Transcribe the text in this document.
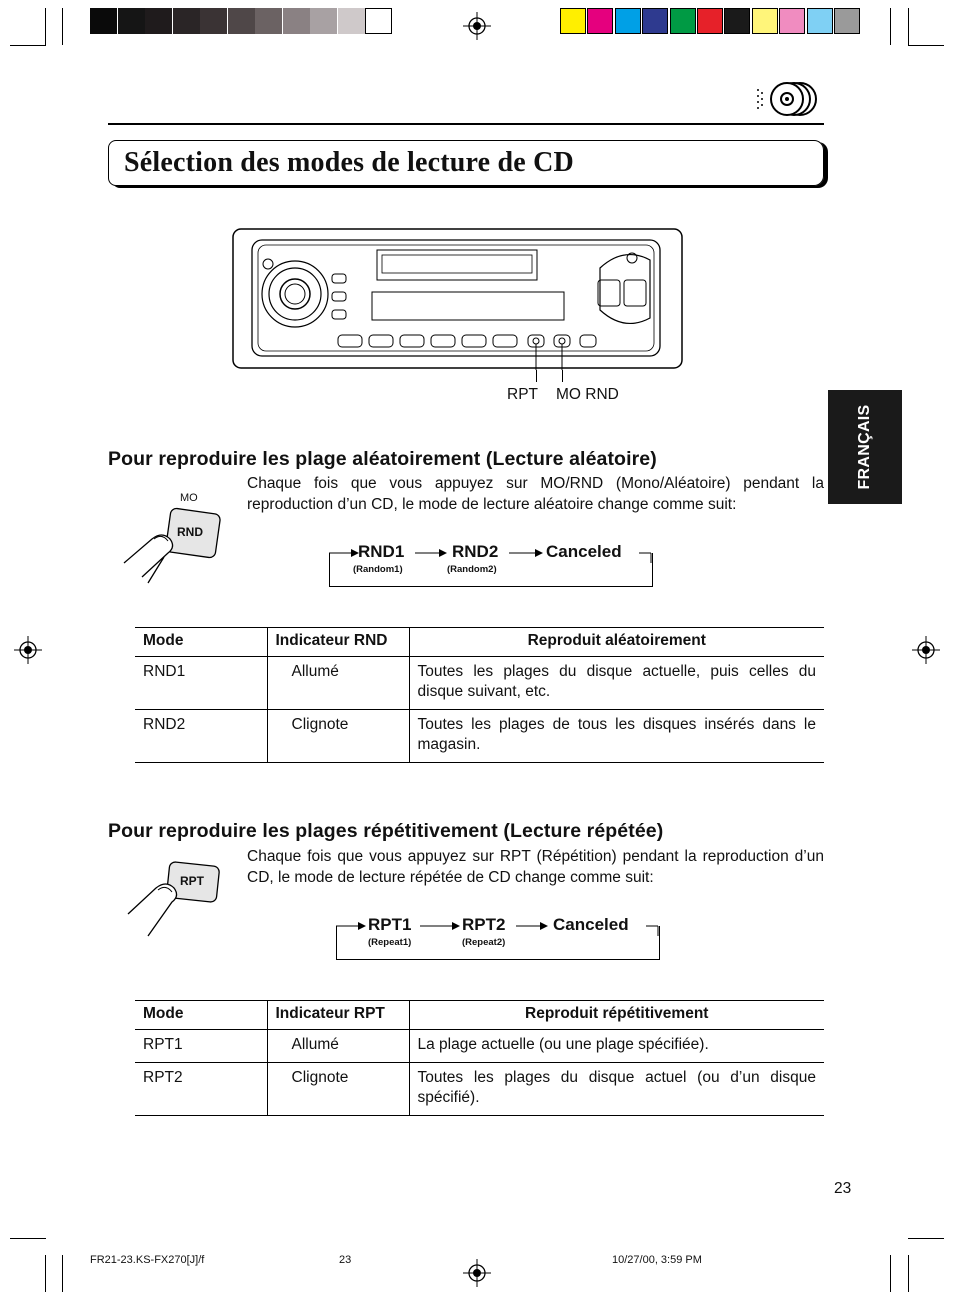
Sélection des modes de lecture de CD
FRANÇAIS
RPT MO RND
Pour reproduire les plage aléatoirement (Lecture aléatoire)
MO
RND
Chaque fois que vous appuyez sur MO/RND (Mono/Aléatoire) pendant la reproduction d’un CD, le mode de lecture aléatoire change comme suit:
RND1	RND2	Canceled
(Random1)	(Random2)
Mode	Indicateur RND	Reproduit aléatoirement
RND1	Allumé	Toutes les plages du disque actuelle, puis celles du disque suivant, etc.
RND2	Clignote	Toutes les plages de tous les disques insérés dans le magasin.
Pour reproduire les plages répétitivement (Lecture répétée)
RPT
Chaque fois que vous appuyez sur RPT (Répétition) pendant la reproduction d’un CD, le mode de lecture répétée de CD change comme suit:
RPT1	RPT2	Canceled
(Repeat1)	(Repeat2)
Mode	Indicateur RPT	Reproduit répétitivement
RPT1	Allumé	La plage actuelle (ou une plage spécifiée).
RPT2	Clignote	Toutes les plages du disque actuel (ou d’un disque spécifié).
23
FR21-23.KS-FX270[J]/f	23	10/27/00, 3:59 PM
